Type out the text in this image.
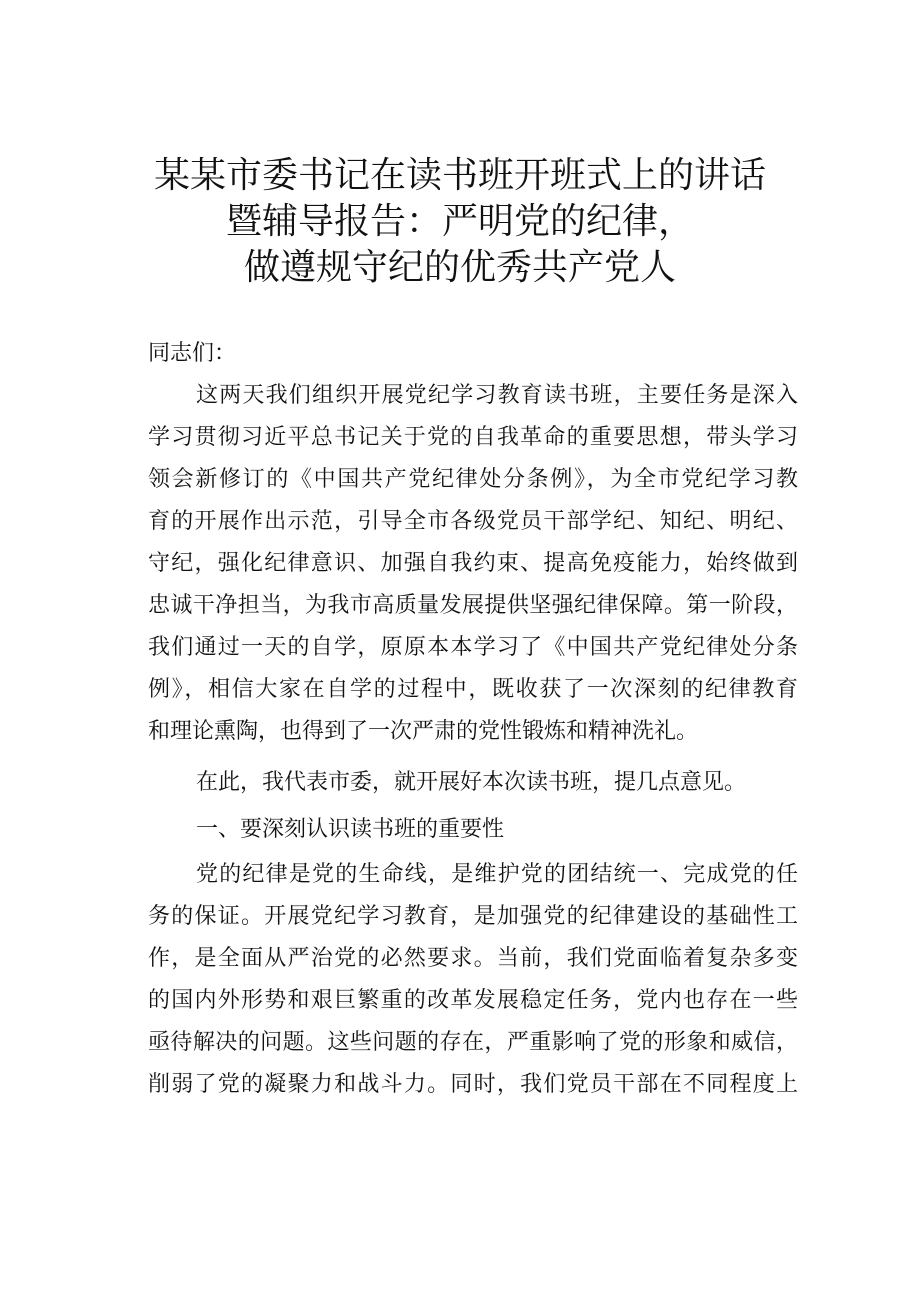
某某市委书记在读书班开班式上的讲话
暨辅导报告：严明党的纪律，
做遵规守纪的优秀共产党人
同志们：
这两天我们组织开展党纪学习教育读书班，主要任务是深入
学习贯彻习近平总书记关于党的自我革命的重要思想，带头学习
领会新修订的《中国共产党纪律处分条例》，为全市党纪学习教
育的开展作出示范，引导全市各级党员干部学纪、知纪、明纪、
守纪，强化纪律意识、加强自我约束、提高免疫能力，始终做到
忠诚干净担当，为我市高质量发展提供坚强纪律保障。第一阶段，
我们通过一天的自学，原原本本学习了《中国共产党纪律处分条
例》，相信大家在自学的过程中，既收获了一次深刻的纪律教育
和理论熏陶，也得到了一次严肃的党性锻炼和精神洗礼。
在此，我代表市委，就开展好本次读书班，提几点意见。
一、要深刻认识读书班的重要性
党的纪律是党的生命线，是维护党的团结统一、完成党的任
务的保证。开展党纪学习教育，是加强党的纪律建设的基础性工
作，是全面从严治党的必然要求。当前，我们党面临着复杂多变
的国内外形势和艰巨繁重的改革发展稳定任务，党内也存在一些
亟待解决的问题。这些问题的存在，严重影响了党的形象和威信，
削弱了党的凝聚力和战斗力。同时，我们党员干部在不同程度上
